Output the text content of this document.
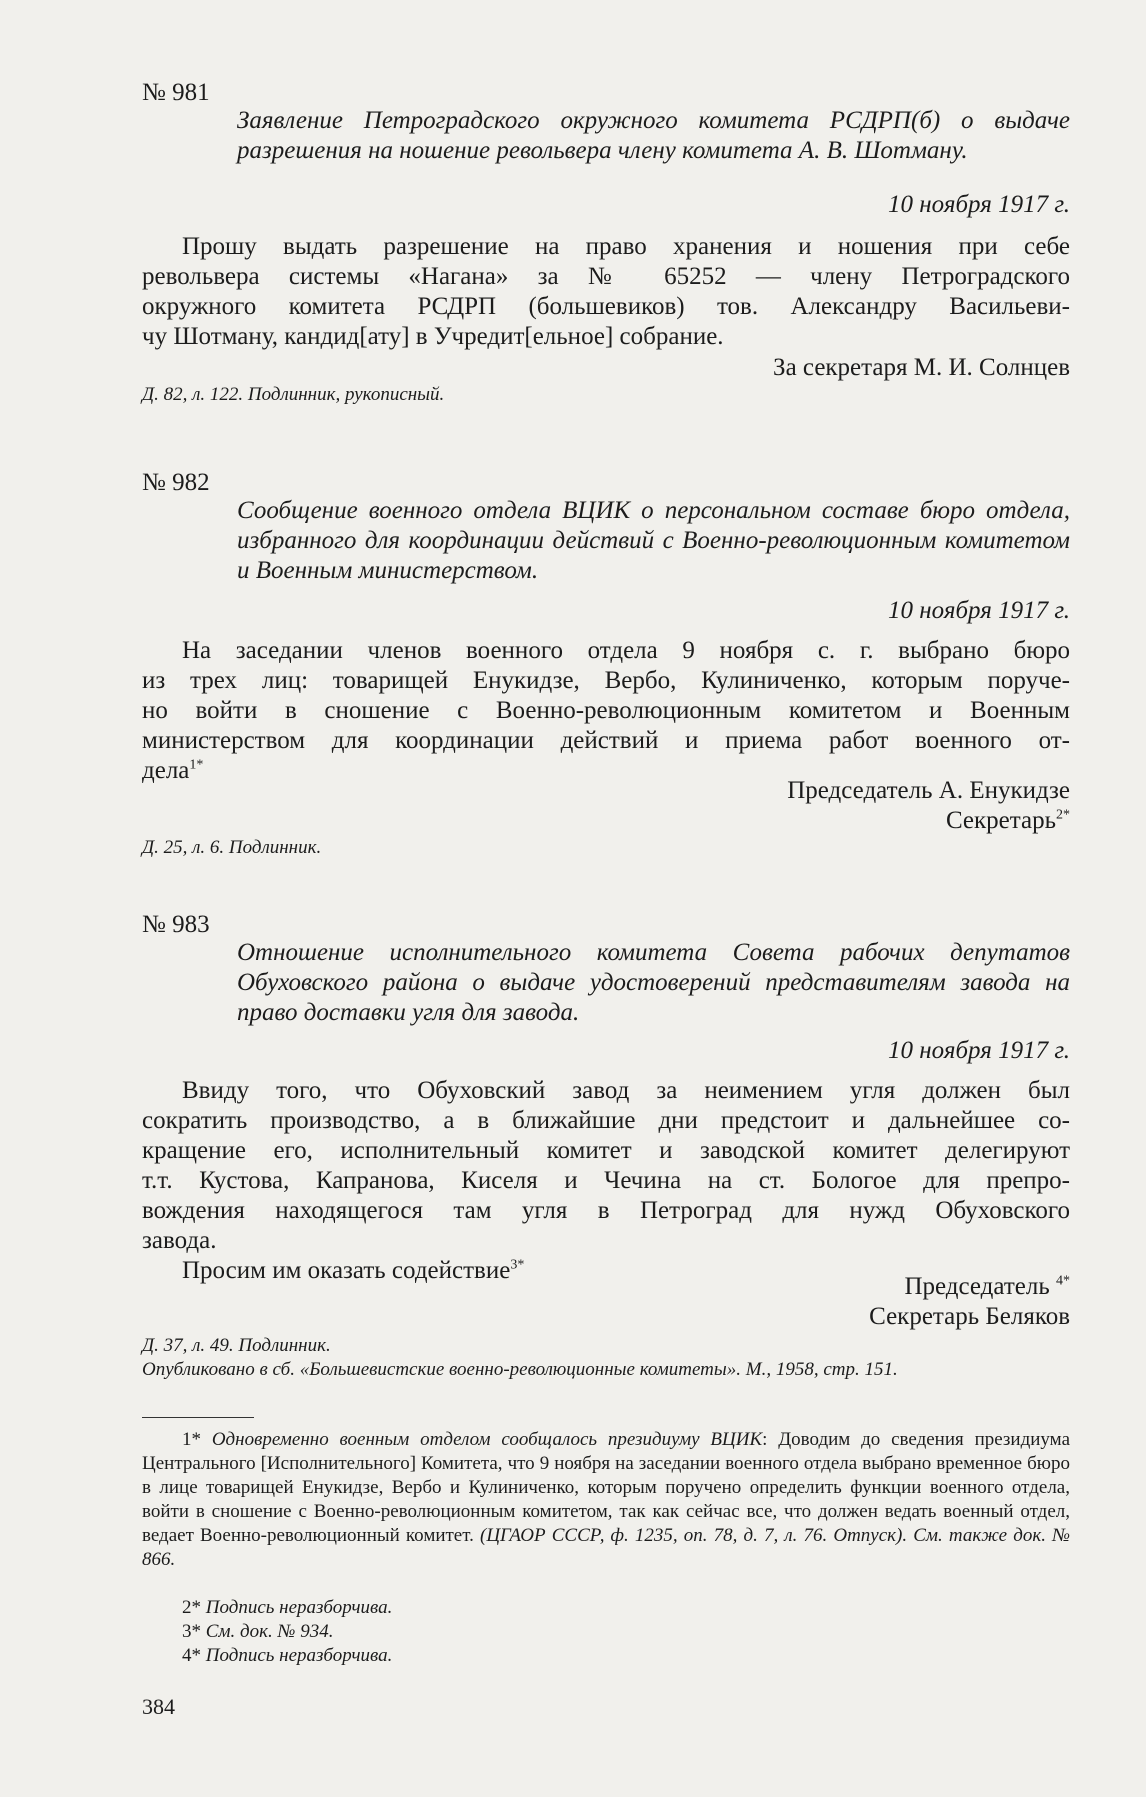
№ 981
Заявление Петроградского окружного комитета РСДРП(б) о выдаче разрешения на ношение револьвера члену комитета А. В. Шотману.
10 ноября 1917 г.
Прошу выдать разрешение на право хранения и ношения при себе
револьвера системы «Нагана» за № 65252 — члену Петроградского
окружного комитета РСДРП (большевиков) тов. Александру Васильеви-
чу Шотману, кандид[ату] в Учредит[ельное] собрание.
За секретаря М. И. Солнцев
Д. 82, л. 122. Подлинник, рукописный.
№ 982
Сообщение военного отдела ВЦИК о персональном составе бюро отдела, избранного для координации действий с Военно-революционным комитетом и Военным министерством.
10 ноября 1917 г.
На заседании членов военного отдела 9 ноября с. г. выбрано бюро
из трех лиц: товарищей Енукидзе, Вербо, Кулиниченко, которым поруче-
но войти в сношение с Военно-революционным комитетом и Военным
министерством для координации действий и приема работ военного от-
дела$^{1*}$
Председатель А. Енукидзе
Секретарь$^{2*}$
Д. 25, л. 6. Подлинник.
№ 983
Отношение исполнительного комитета Совета рабочих депутатов Обуховского района о выдаче удостоверений представителям завода на право доставки угля для завода.
10 ноября 1917 г.
Ввиду того, что Обуховский завод за неимением угля должен был
сократить производство, а в ближайшие дни предстоит и дальнейшее со-
кращение его, исполнительный комитет и заводской комитет делегируют
т.т. Кустова, Капранова, Киселя и Чечина на ст. Бологое для препро-
вождения находящегося там угля в Петроград для нужд Обуховского
завода.
Просим им оказать содействие$^{3*}$
Председатель $^{4*}$
Секретарь Беляков
Д. 37, л. 49. Подлинник.
Опубликовано в сб. «Большевистские военно-революционные комитеты». М., 1958, стр. 151.
1* Одновременно военным отделом сообщалось президиуму ВЦИК: Доводим до сведения президиума Центрального [Исполнительного] Комитета, что 9 ноября на заседании военного отдела выбрано временное бюро в лице товарищей Енукидзе, Вербо и Кулиниченко, которым поручено определить функции военного отдела, войти в сношение с Военно-революционным комитетом, так как сейчас все, что должен ведать военный отдел, ведает Военно-революционный комитет. (ЦГАОР СССР, ф. 1235, оп. 78, д. 7, л. 76. Отпуск). См. также док. № 866.
2* Подпись неразборчива.
3* См. док. № 934.
4* Подпись неразборчива.
384
